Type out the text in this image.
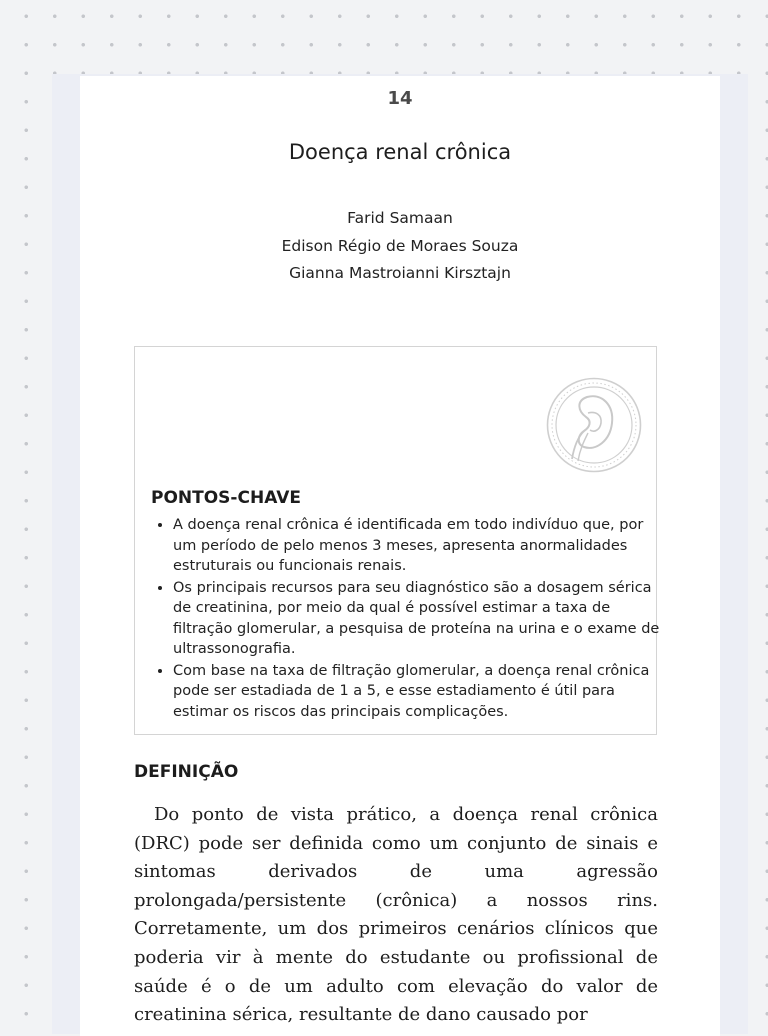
14
Doença renal crônica
Farid Samaan
Edison Régio de Moraes Souza
Gianna Mastroianni Kirsztajn
PONTOS-CHAVE
• A doença renal crônica é identificada em todo indivíduo que, por um período de pelo menos 3 meses, apresenta anormalidades estruturais ou funcionais renais.
• Os principais recursos para seu diagnóstico são a dosagem sérica de creatinina, por meio da qual é possível estimar a taxa de filtração glomerular, a pesquisa de proteína na urina e o exame de ultrassonografia.
• Com base na taxa de filtração glomerular, a doença renal crônica pode ser estadiada de 1 a 5, e esse estadiamento é útil para estimar os riscos das principais complicações.
DEFINIÇÃO

Do ponto de vista prático, a doença renal crônica (DRC) pode ser definida como um conjunto de sinais e sintomas derivados de uma agressão prolongada/persistente (crônica) a nossos rins. Corretamente, um dos primeiros cenários clínicos que poderia vir à mente do estudante ou profissional de saúde é o de um adulto com elevação do valor de creatinina sérica, resultante de dano causado por
